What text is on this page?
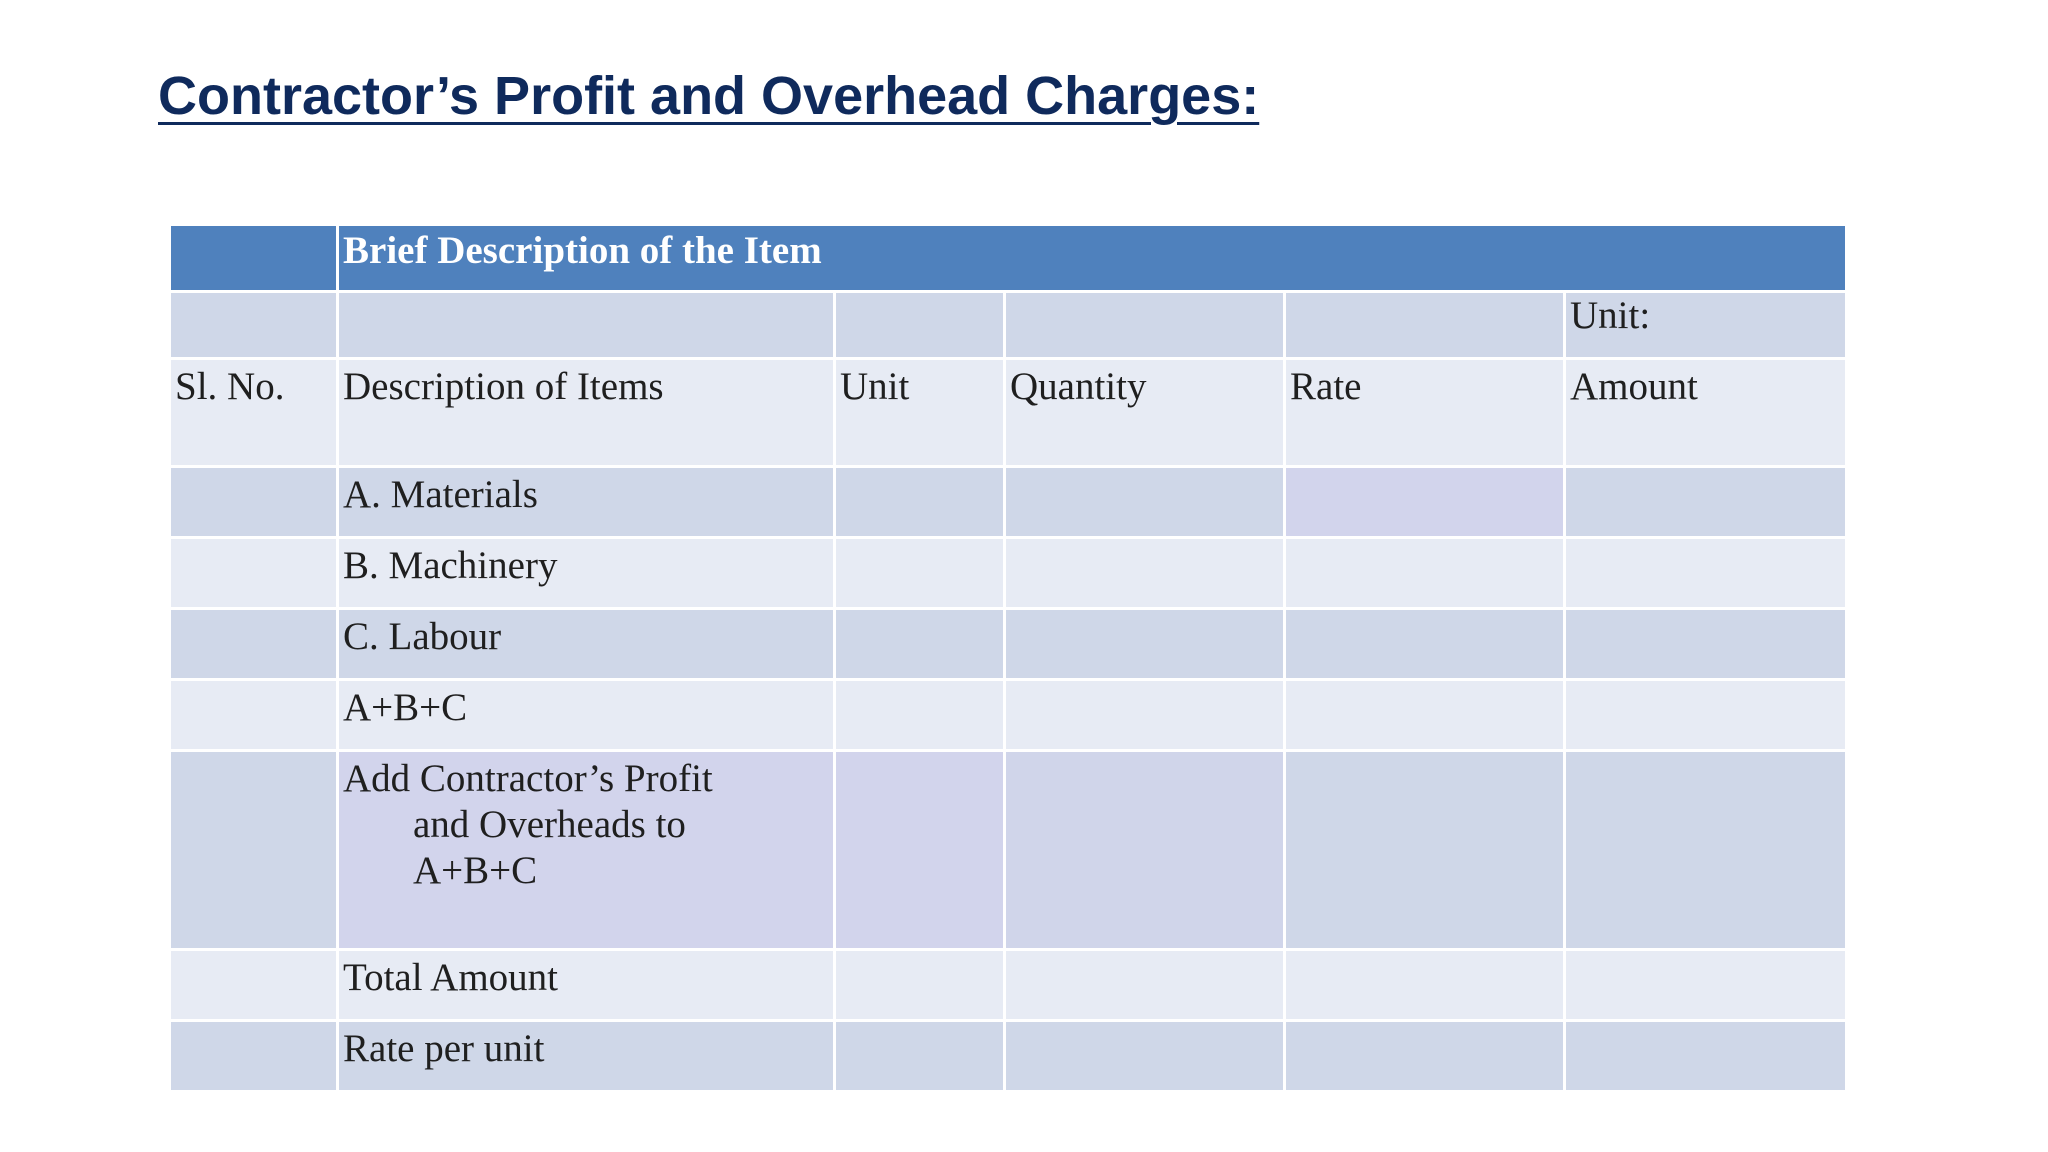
Contractor’s Profit and Overhead Charges:
	Brief Description of the Item				
					Unit:
Sl. No.	Description of Items	Unit	Quantity	Rate	Amount
	A. Materials				
	B. Machinery				
	C. Labour				
	A+B+C				
	Add Contractor’s Profit
and Overheads to
A+B+C				

	Total Amount				
	Rate per unit				
